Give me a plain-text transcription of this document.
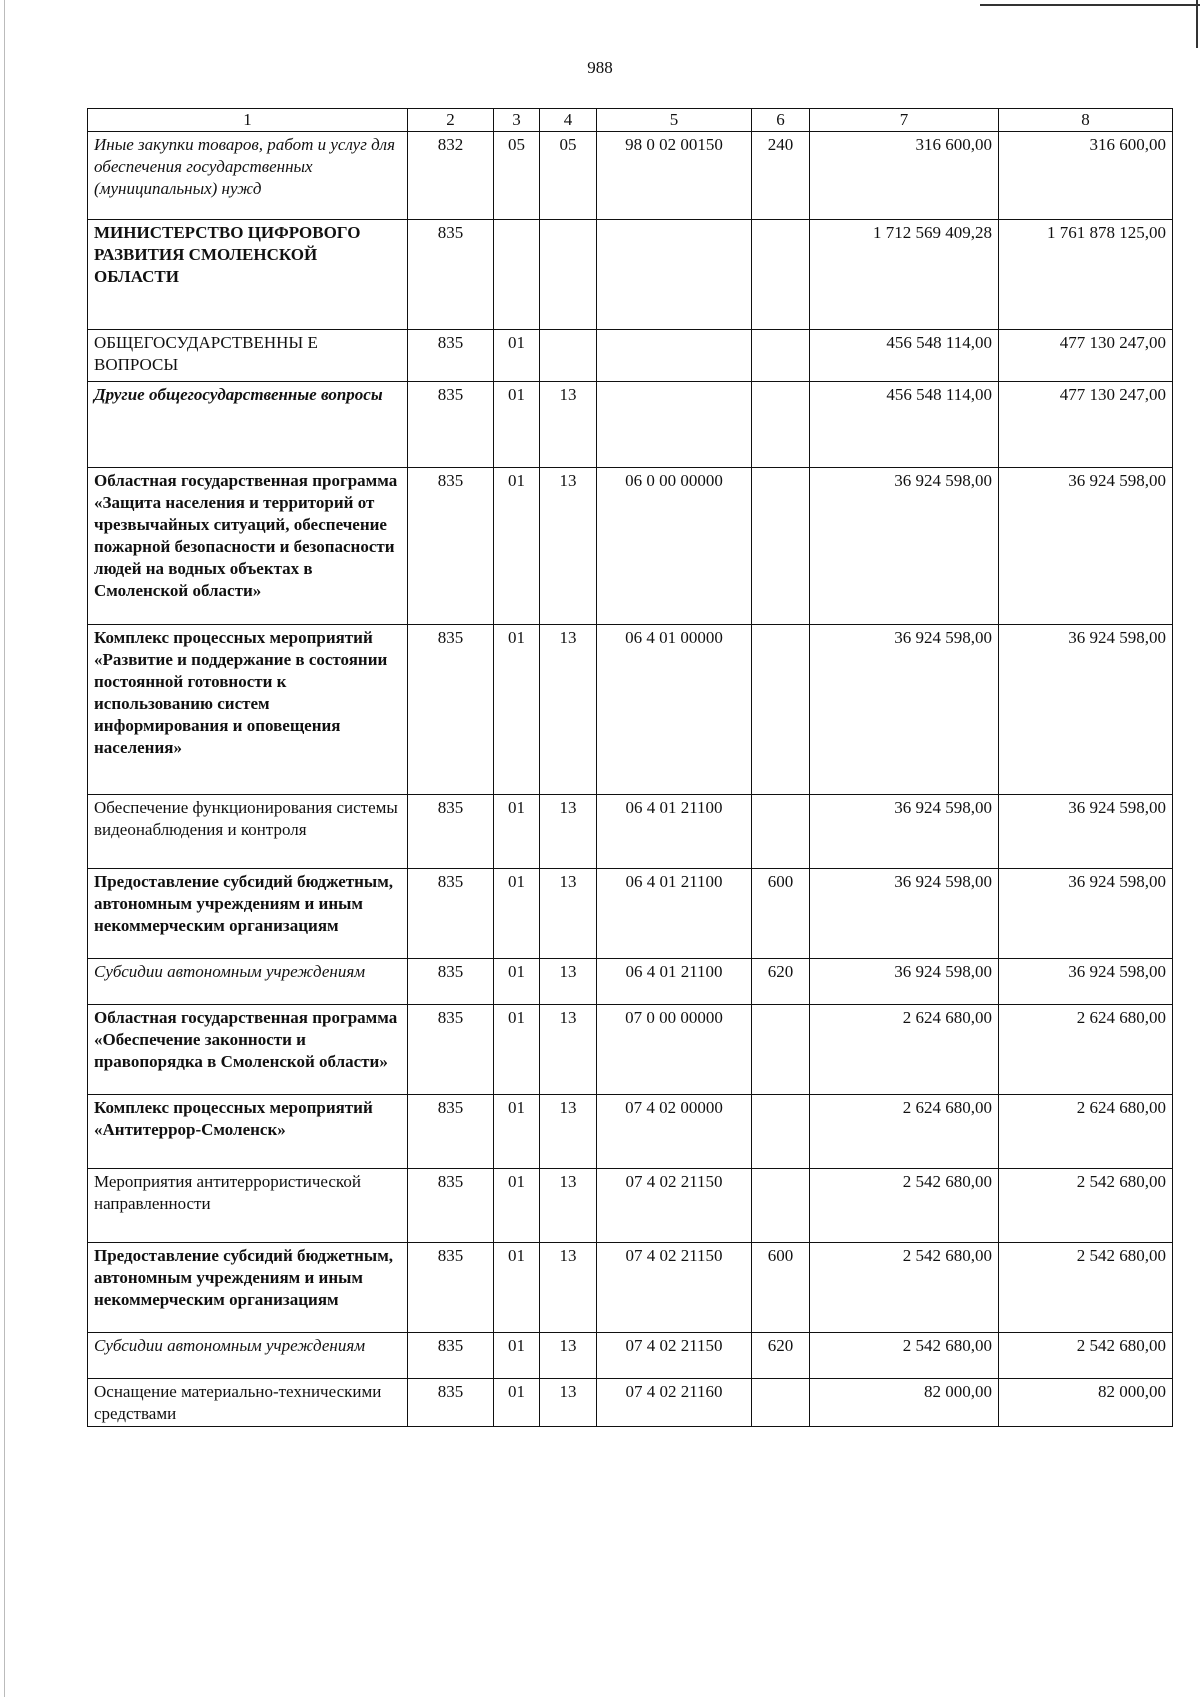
988
1	2	3	4	5	6	7	8
Иные закупки товаров, работ и услуг для обеспечения государственных (муниципальных) нужд	832	05	05	98 0 02 00150	240	316 600,00	316 600,00
МИНИСТЕРСТВО ЦИФРОВОГО РАЗВИТИЯ СМОЛЕНСКОЙ ОБЛАСТИ	835					1 712 569 409,28	1 761 878 125,00
ОБЩЕГОСУДАРСТВЕННЫ Е ВОПРОСЫ	835	01				456 548 114,00	477 130 247,00
Другие общегосударственные вопросы	835	01	13			456 548 114,00	477 130 247,00
Областная государственная программа «Защита населения и территорий от чрезвычайных ситуаций, обеспечение пожарной безопасности и безопасности людей на водных объектах в Смоленской области»	835	01	13	06 0 00 00000		36 924 598,00	36 924 598,00
Комплекс процессных мероприятий «Развитие и поддержание в состоянии постоянной готовности к использованию систем информирования и оповещения населения»	835	01	13	06 4 01 00000		36 924 598,00	36 924 598,00
Обеспечение функционирования системы видеонаблюдения и контроля	835	01	13	06 4 01 21100		36 924 598,00	36 924 598,00
Предоставление субсидий бюджетным, автономным учреждениям и иным некоммерческим организациям	835	01	13	06 4 01 21100	600	36 924 598,00	36 924 598,00
Субсидии автономным учреждениям	835	01	13	06 4 01 21100	620	36 924 598,00	36 924 598,00
Областная государственная программа «Обеспечение законности и правопорядка в Смоленской области»	835	01	13	07 0 00 00000		2 624 680,00	2 624 680,00
Комплекс процессных мероприятий «Антитеррор-Смоленск»	835	01	13	07 4 02 00000		2 624 680,00	2 624 680,00
Мероприятия антитеррористической направленности	835	01	13	07 4 02 21150		2 542 680,00	2 542 680,00
Предоставление субсидий бюджетным, автономным учреждениям и иным некоммерческим организациям	835	01	13	07 4 02 21150	600	2 542 680,00	2 542 680,00
Субсидии автономным учреждениям	835	01	13	07 4 02 21150	620	2 542 680,00	2 542 680,00
Оснащение материально-техническими средствами	835	01	13	07 4 02 21160		82 000,00	82 000,00
